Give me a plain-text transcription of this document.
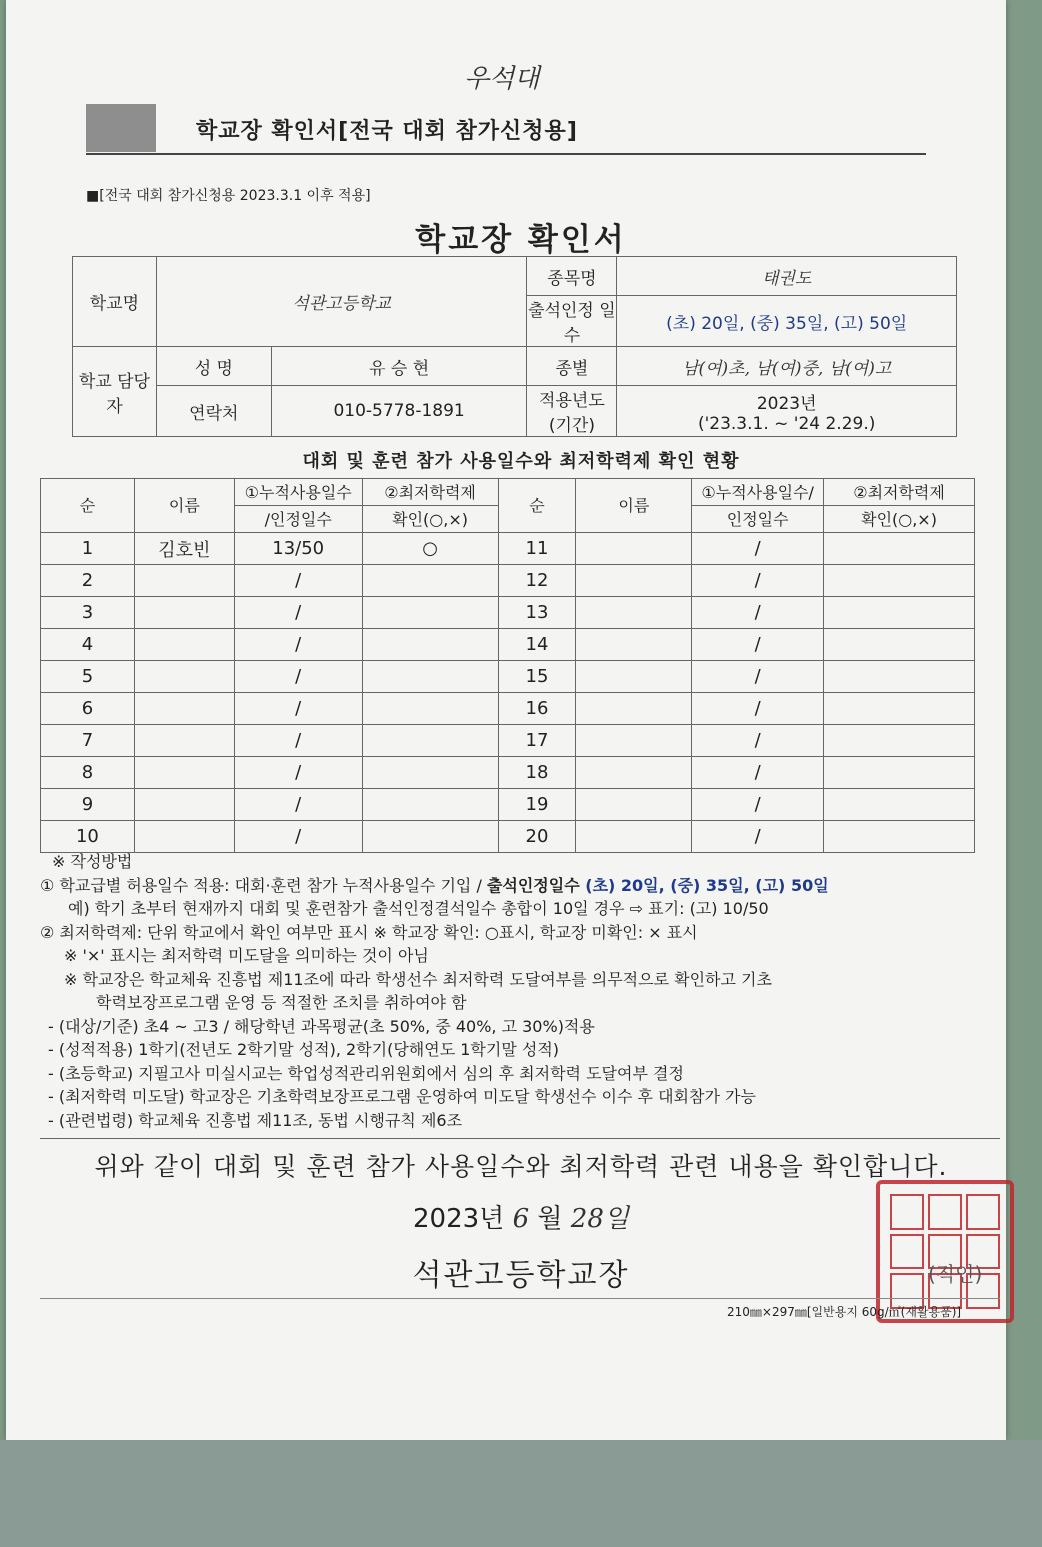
우석대
학교장 확인서[전국 대회 참가신청용]
■[전국 대회 참가신청용 2023.3.1 이후 적용]
학교장 확인서
학교명	석관고등학교		종목명	태권도
			출석인정 일수	(초) 20일, (중) 35일, (고) 50일
학교 담당자	성 명	유 승 현	종별	남(여)초, 남(여)중, 남(여)고
	연락처	010-5778-1891	적용년도 (기간)	2023년
('23.3.1. ~ '24 2.29.)
대회 및 훈련 참가 사용일수와 최저학력제 확인 현황
순	이름	①누적사용일수	②최저학력제	순	이름	①누적사용일수/	②최저학력제
		/인정일수	확인(○,×)			인정일수	확인(○,×)
1	김호빈	13/50	○	11		/	
2		/		12		/	
3		/		13		/	
4		/		14		/	
5		/		15		/	
6		/		16		/	
7		/		17		/	
8		/		18		/	
9		/		19		/	
10		/		20		/	
※ 작성방법
① 학교급별 허용일수 적용: 대회·훈련 참가 누적사용일수 기입 / 출석인정일수 (초) 20일, (중) 35일, (고) 50일
예) 학기 초부터 현재까지 대회 및 훈련참가 출석인정결석일수 총합이 10일 경우 ⇨ 표기: (고) 10/50
② 최저학력제: 단위 학교에서 확인 여부만 표시 ※ 학교장 확인: ○표시, 학교장 미확인: × 표시
※ '×' 표시는 최저학력 미도달을 의미하는 것이 아님
※ 학교장은 학교체육 진흥법 제11조에 따라 학생선수 최저학력 도달여부를 의무적으로 확인하고 기초
학력보장프로그램 운영 등 적절한 조치를 취하여야 함
- (대상/기준) 초4 ~ 고3 / 해당학년 과목평균(초 50%, 중 40%, 고 30%)적용
- (성적적용) 1학기(전년도 2학기말 성적), 2학기(당해연도 1학기말 성적)
- (초등학교) 지필고사 미실시교는 학업성적관리위원회에서 심의 후 최저학력 도달여부 결정
- (최저학력 미도달) 학교장은 기초학력보장프로그램 운영하여 미도달 학생선수 이수 후 대회참가 가능
- (관련법령) 학교체육 진흥법 제11조, 동법 시행규칙 제6조
위와 같이 대회 및 훈련 참가 사용일수와 최저학력 관련 내용을 확인합니다.
2023년 6 월 28일
석관고등학교장	(직인)
210㎜×297㎜[일반용지 60g/㎡(재활용품)]
